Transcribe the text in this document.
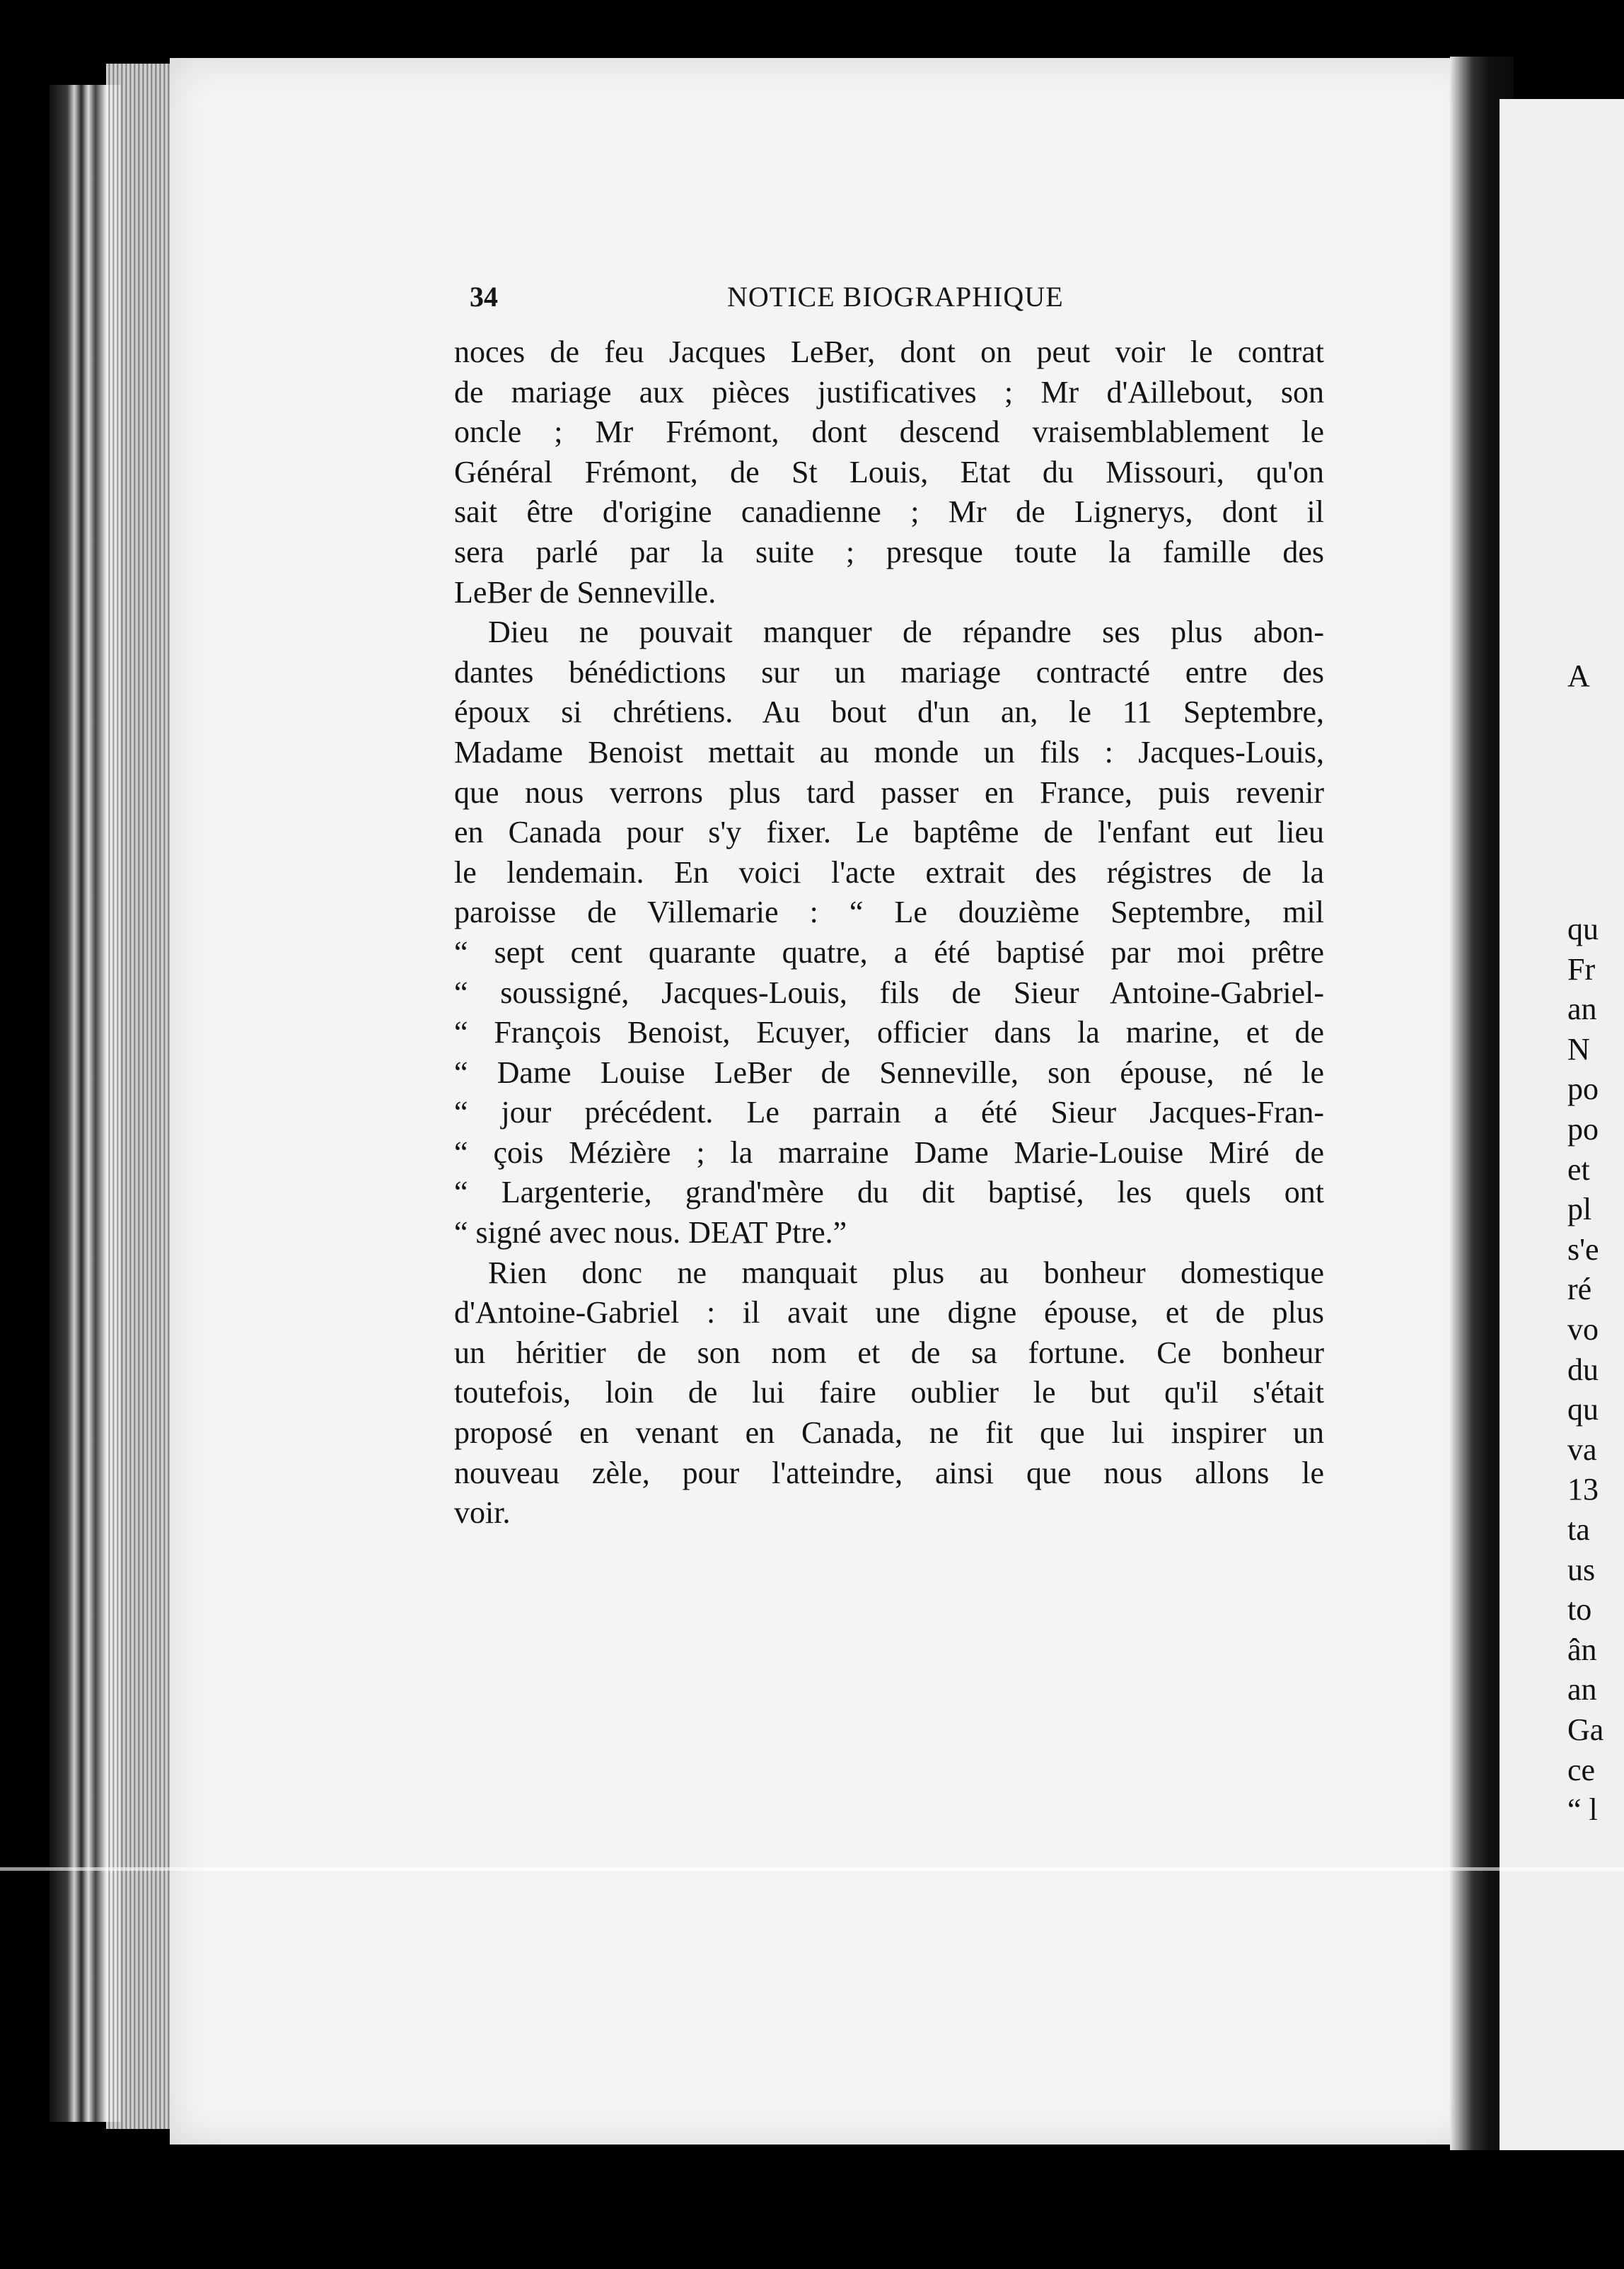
A
qu
Fr
an
N
po
po
et
pl
s'e
ré
vo
du
qu
va
13
ta
us
to
ân
an
Ga
ce
“ l
34	NOTICE BIOGRAPHIQUE

noces de feu Jacques LeBer, dont on peut voir le contrat
de mariage aux pièces justificatives ; Mr d'Aillebout, son
oncle ; Mr Frémont, dont descend vraisemblablement le
Général Frémont, de St Louis, Etat du Missouri, qu'on
sait être d'origine canadienne ; Mr de Lignerys, dont il
sera parlé par la suite ; presque toute la famille des
LeBer de Senneville.

Dieu ne pouvait manquer de répandre ses plus abon-
dantes bénédictions sur un mariage contracté entre des
époux si chrétiens. Au bout d'un an, le 11 Septembre,
Madame Benoist mettait au monde un fils : Jacques-Louis,
que nous verrons plus tard passer en France, puis revenir
en Canada pour s'y fixer. Le baptême de l'enfant eut lieu
le lendemain. En voici l'acte extrait des régistres de la
paroisse de Villemarie : “ Le douzième Septembre, mil
“ sept cent quarante quatre, a été baptisé par moi prêtre
“ soussigné, Jacques-Louis, fils de Sieur Antoine-Gabriel-
“ François Benoist, Ecuyer, officier dans la marine, et de
“ Dame Louise LeBer de Senneville, son épouse, né le
“ jour précédent. Le parrain a été Sieur Jacques-Fran-
“ çois Mézière ; la marraine Dame Marie-Louise Miré de
“ Largenterie, grand'mère du dit baptisé, les quels ont
“ signé avec nous. DEAT Ptre.”

Rien donc ne manquait plus au bonheur domestique
d'Antoine-Gabriel : il avait une digne épouse, et de plus
un héritier de son nom et de sa fortune. Ce bonheur
toutefois, loin de lui faire oublier le but qu'il s'était
proposé en venant en Canada, ne fit que lui inspirer un
nouveau zèle, pour l'atteindre, ainsi que nous allons le
voir.
